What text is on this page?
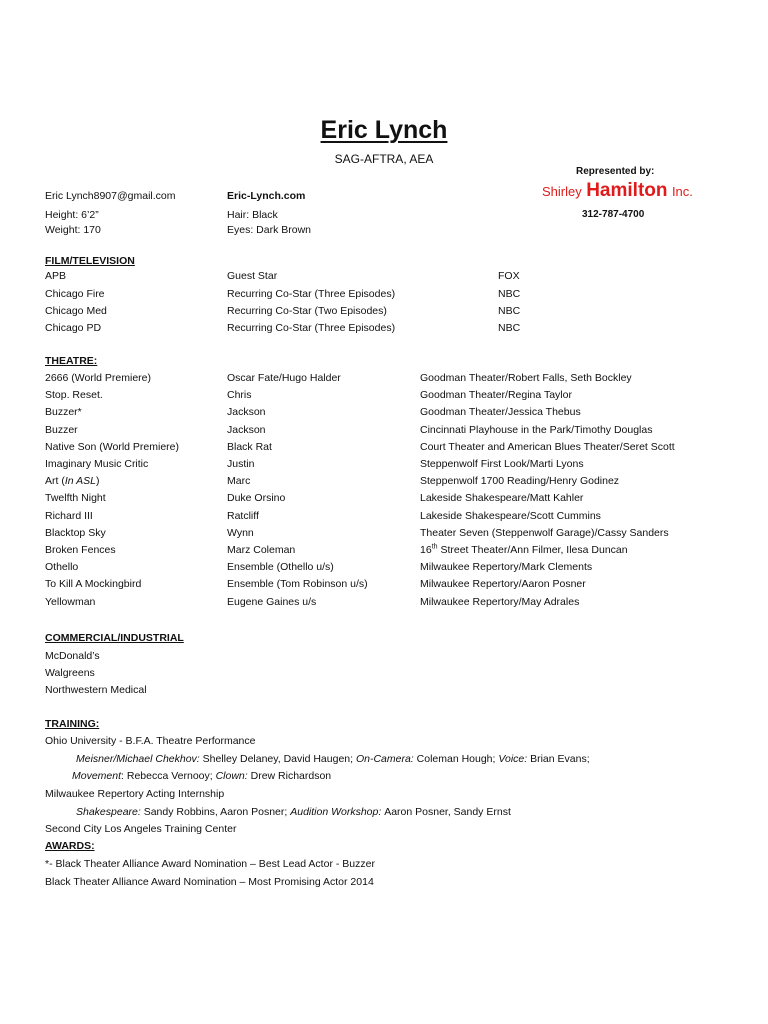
Eric Lynch
SAG-AFTRA, AEA
Represented by:
Shirley Hamilton Inc.
312-787-4700
Eric Lynch8907@gmail.com	Eric-Lynch.com
Height: 6’2”	Hair: Black
Weight: 170	Eyes: Dark Brown
FILM/TELEVISION
APB	Guest Star	FOX
Chicago Fire	Recurring Co-Star (Three Episodes)	NBC
Chicago Med	Recurring Co-Star (Two Episodes)	NBC
Chicago PD	Recurring Co-Star (Three Episodes)	NBC
THEATRE:
2666 (World Premiere)	Oscar Fate/Hugo Halder	Goodman Theater/Robert Falls, Seth Bockley
Stop. Reset.	Chris	Goodman Theater/Regina Taylor
Buzzer*	Jackson	Goodman Theater/Jessica Thebus
Buzzer	Jackson	Cincinnati Playhouse in the Park/Timothy Douglas
Native Son (World Premiere)	Black Rat	Court Theater and American Blues Theater/Seret Scott
Imaginary Music Critic	Justin	Steppenwolf First Look/Marti Lyons
Art (In ASL)	Marc	Steppenwolf 1700 Reading/Henry Godinez
Twelfth Night	Duke Orsino	Lakeside Shakespeare/Matt Kahler
Richard III	Ratcliff	Lakeside Shakespeare/Scott Cummins
Blacktop Sky	Wynn	Theater Seven (Steppenwolf Garage)/Cassy Sanders
Broken Fences	Marz Coleman	16th Street Theater/Ann Filmer, Ilesa Duncan
Othello	Ensemble (Othello u/s)	Milwaukee Repertory/Mark Clements
To Kill A Mockingbird	Ensemble (Tom Robinson u/s)	Milwaukee Repertory/Aaron Posner
Yellowman	Eugene Gaines u/s	Milwaukee Repertory/May Adrales
COMMERCIAL/INDUSTRIAL
McDonald’s
Walgreens
Northwestern Medical
TRAINING:
Ohio University - B.F.A. Theatre Performance
Meisner/Michael Chekhov: Shelley Delaney, David Haugen; On-Camera: Coleman Hough; Voice: Brian Evans;
Movement: Rebecca Vernooy; Clown: Drew Richardson
Milwaukee Repertory Acting Internship
Shakespeare: Sandy Robbins, Aaron Posner; Audition Workshop: Aaron Posner, Sandy Ernst
Second City Los Angeles Training Center
AWARDS:
*- Black Theater Alliance Award Nomination – Best Lead Actor - Buzzer
Black Theater Alliance Award Nomination – Most Promising Actor 2014
